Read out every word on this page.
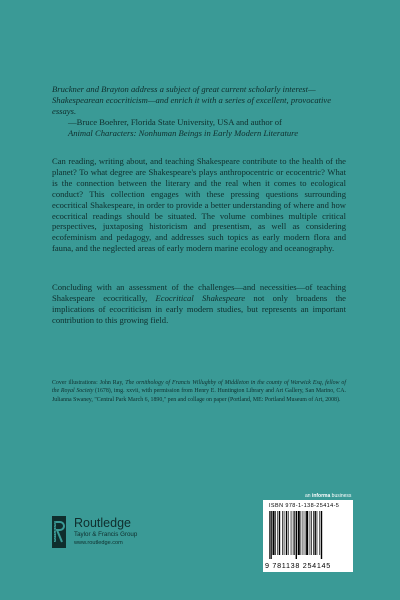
Bruckner and Brayton address a subject of great current scholarly interest—Shakespearean ecocriticism—and enrich it with a series of excellent, provocative essays.

—Bruce Boehrer, Florida State University, USA and author of
Animal Characters: Nonhuman Beings in Early Modern Literature

Can reading, writing about, and teaching Shakespeare contribute to the health of the planet? To what degree are Shakespeare's plays anthropocentric or ecocentric? What is the connection between the literary and the real when it comes to ecological conduct? This collection engages with these pressing questions surrounding ecocritical Shakespeare, in order to provide a better understanding of where and how ecocritical readings should be situated. The volume combines multiple critical perspectives, juxtaposing historicism and presentism, as well as considering ecofeminism and pedagogy, and addresses such topics as early modern flora and fauna, and the neglected areas of early modern marine ecology and oceanography.

Concluding with an assessment of the challenges—and necessities—of teaching Shakespeare ecocritically, Ecocritical Shakespeare not only broadens the implications of ecocriticism in early modern studies, but represents an important contribution to this growing field.

Cover illustrations: John Ray, The ornithology of Francis Willughby of Middleton in the county of Warwick Esq, fellow of the Royal Society (1678), img. xxvii, with permission from Henry E. Huntington Library and Art Gallery, San Marino, CA. Julianna Swaney, "Central Park March 6, 1890," pen and collage on paper (Portland, ME: Portland Museum of Art, 2008).

an informa business
ROUTLEDGE Routledge
Taylor & Francis Group
www.routledge.com
ISBN 978-1-138-25414-5
9 781138 254145
